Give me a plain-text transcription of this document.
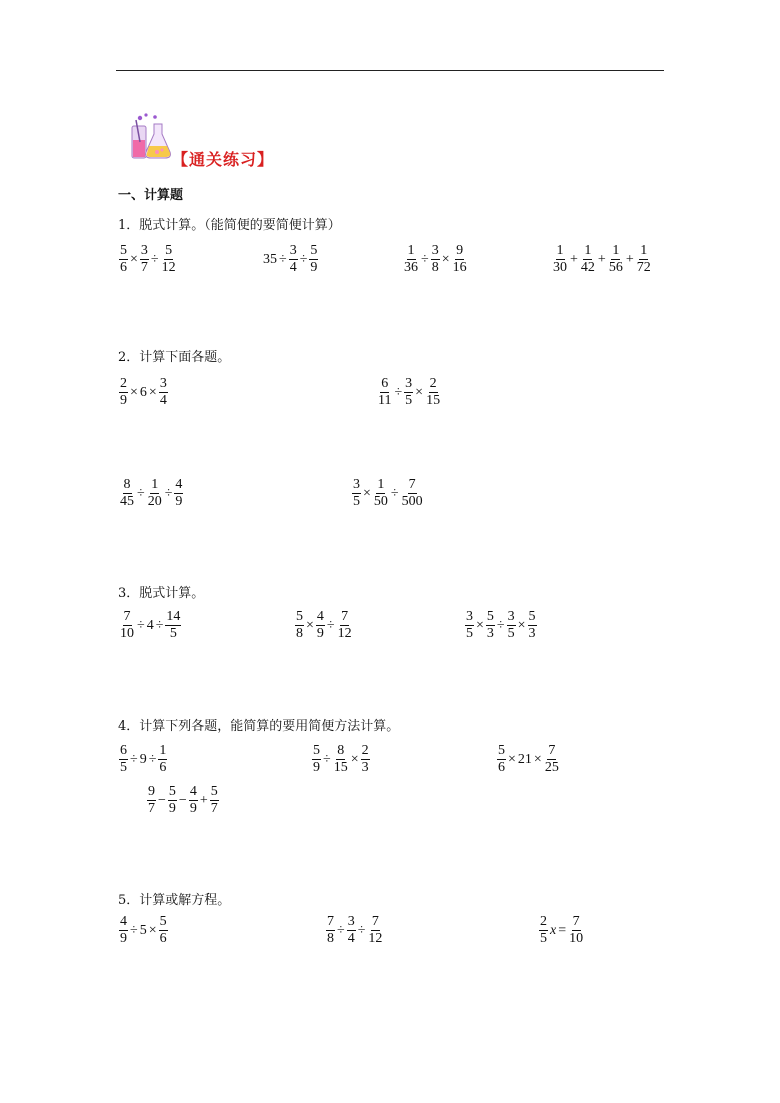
【通关练习】
一、计算题
1．脱式计算。（能简便的要简便计算）
$\frac{5}{6} \times \frac{3}{7} \div \frac{5}{12}$	$35 \div \frac{3}{4} \div \frac{5}{9}$	$\frac{1}{36} \div \frac{3}{8} \times \frac{9}{16}$	$\frac{1}{30} + \frac{1}{42} + \frac{1}{56} + \frac{1}{72}$
2．计算下面各题。
$\frac{2}{9} \times 6 \times \frac{3}{4}$	$\frac{6}{11} \div \frac{3}{5} \times \frac{2}{15}$
$\frac{8}{45} \div \frac{1}{20} \div \frac{4}{9}$	$\frac{3}{5} \times \frac{1}{50} \div \frac{7}{500}$
3．脱式计算。
$\frac{7}{10} \div 4 \div \frac{14}{5}$	$\frac{5}{8} \times \frac{4}{9} \div \frac{7}{12}$	$\frac{3}{5} \times \frac{5}{3} \div \frac{3}{5} \times \frac{5}{3}$
4．计算下列各题，能简算的要用简便方法计算。
$\frac{6}{5} \div 9 \div \frac{1}{6}$	$\frac{5}{9} \div \frac{8}{15} \times \frac{2}{3}$	$\frac{5}{6} \times 21 \times \frac{7}{25}$
$\frac{9}{7} - \frac{5}{9} - \frac{4}{9} + \frac{5}{7}$
5．计算或解方程。
$\frac{4}{9} \div 5 \times \frac{5}{6}$	$\frac{7}{8} \div \frac{3}{4} \div \frac{7}{12}$	$\frac{2}{5}$ $x = \frac{7}{10}$
